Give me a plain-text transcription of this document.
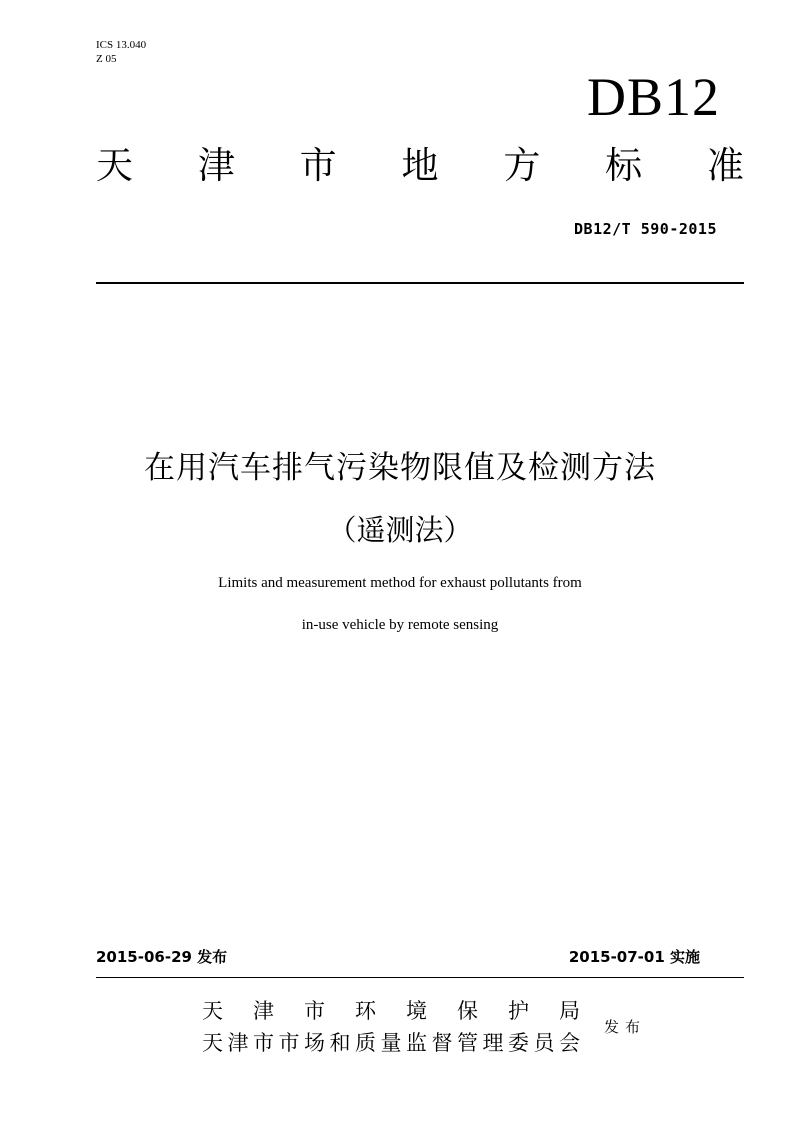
ICS 13.040
Z 05
DB12
天 津 市 地 方 标 准
DB12/T 590-2015
在用汽车排气污染物限值及检测方法
（遥测法）
Limits and measurement method for exhaust pollutants from
in-use vehicle by remote sensing
2015-06-29 发布	2015-07-01 实施
天 津 市 环 境 保 护 局
天 津 市 市 场 和 质 量 监 督 管 理 委 员 会
发布
